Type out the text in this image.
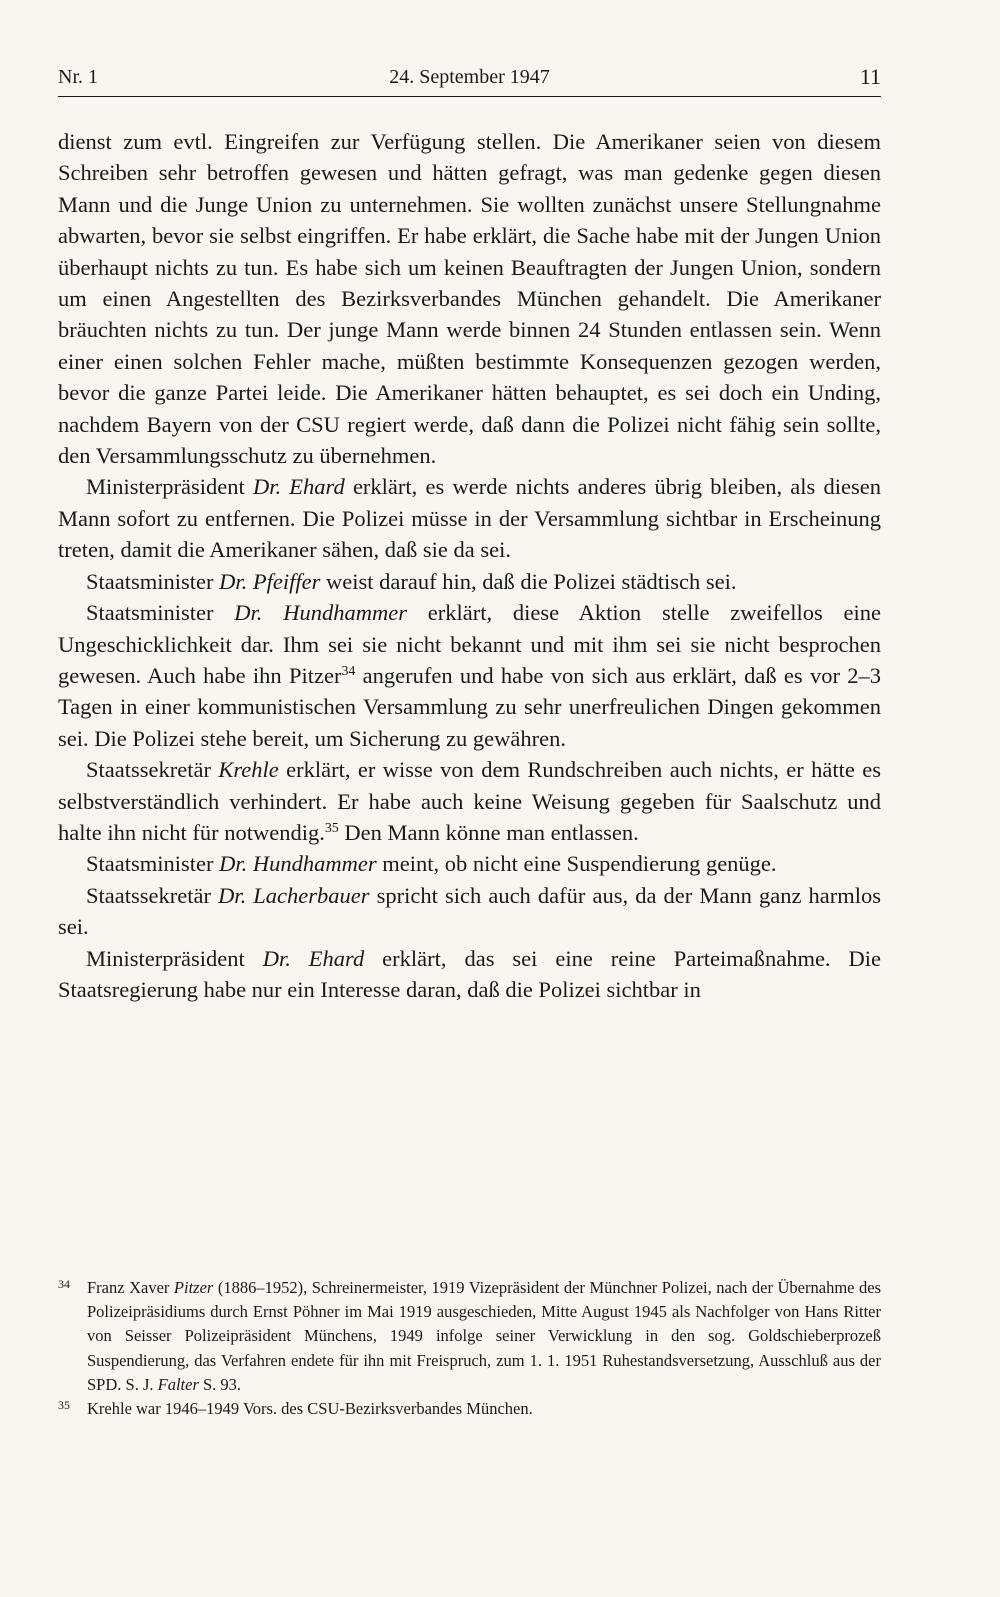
Nr. 1	24. September 1947	11

dienst zum evtl. Eingreifen zur Verfügung stellen. Die Amerikaner seien von diesem Schreiben sehr betroffen gewesen und hätten gefragt, was man gedenke gegen diesen Mann und die Junge Union zu unternehmen. Sie wollten zunächst unsere Stellungnahme abwarten, bevor sie selbst eingriffen. Er habe erklärt, die Sache habe mit der Jungen Union überhaupt nichts zu tun. Es habe sich um keinen Beauftragten der Jungen Union, sondern um einen Angestellten des Bezirksverbandes München gehandelt. Die Amerikaner bräuchten nichts zu tun. Der junge Mann werde binnen 24 Stunden entlassen sein. Wenn einer einen solchen Fehler mache, müßten bestimmte Konsequenzen gezogen werden, bevor die ganze Partei leide. Die Amerikaner hätten behauptet, es sei doch ein Unding, nachdem Bayern von der CSU regiert werde, daß dann die Polizei nicht fähig sein sollte, den Versammlungsschutz zu übernehmen.

Ministerpräsident Dr. Ehard erklärt, es werde nichts anderes übrig bleiben, als diesen Mann sofort zu entfernen. Die Polizei müsse in der Versammlung sichtbar in Erscheinung treten, damit die Amerikaner sähen, daß sie da sei.

Staatsminister Dr. Pfeiffer weist darauf hin, daß die Polizei städtisch sei.

Staatsminister Dr. Hundhammer erklärt, diese Aktion stelle zweifellos eine Ungeschicklichkeit dar. Ihm sei sie nicht bekannt und mit ihm sei sie nicht besprochen gewesen. Auch habe ihn Pitzer$^{34}$ angerufen und habe von sich aus erklärt, daß es vor 2–3 Tagen in einer kommunistischen Versammlung zu sehr unerfreulichen Dingen gekommen sei. Die Polizei stehe bereit, um Sicherung zu gewähren.

Staatssekretär Krehle erklärt, er wisse von dem Rundschreiben auch nichts, er hätte es selbstverständlich verhindert. Er habe auch keine Weisung gegeben für Saalschutz und halte ihn nicht für notwendig.$^{35}$ Den Mann könne man entlassen.

Staatsminister Dr. Hundhammer meint, ob nicht eine Suspendierung genüge.

Staatssekretär Dr. Lacherbauer spricht sich auch dafür aus, da der Mann ganz harmlos sei.

Ministerpräsident Dr. Ehard erklärt, das sei eine reine Parteimaßnahme. Die Staatsregierung habe nur ein Interesse daran, daß die Polizei sichtbar in

34 Franz Xaver Pitzer (1886–1952), Schreinermeister, 1919 Vizepräsident der Münchner Polizei, nach der Übernahme des Polizeipräsidiums durch Ernst Pöhner im Mai 1919 ausgeschieden, Mitte August 1945 als Nachfolger von Hans Ritter von Seisser Polizeipräsident Münchens, 1949 infolge seiner Verwicklung in den sog. Goldschieberprozeß Suspendierung, das Verfahren endete für ihn mit Freispruch, zum 1. 1. 1951 Ruhestandsversetzung, Ausschluß aus der SPD. S. J. Falter S. 93.
35 Krehle war 1946–1949 Vors. des CSU-Bezirksverbandes München.
